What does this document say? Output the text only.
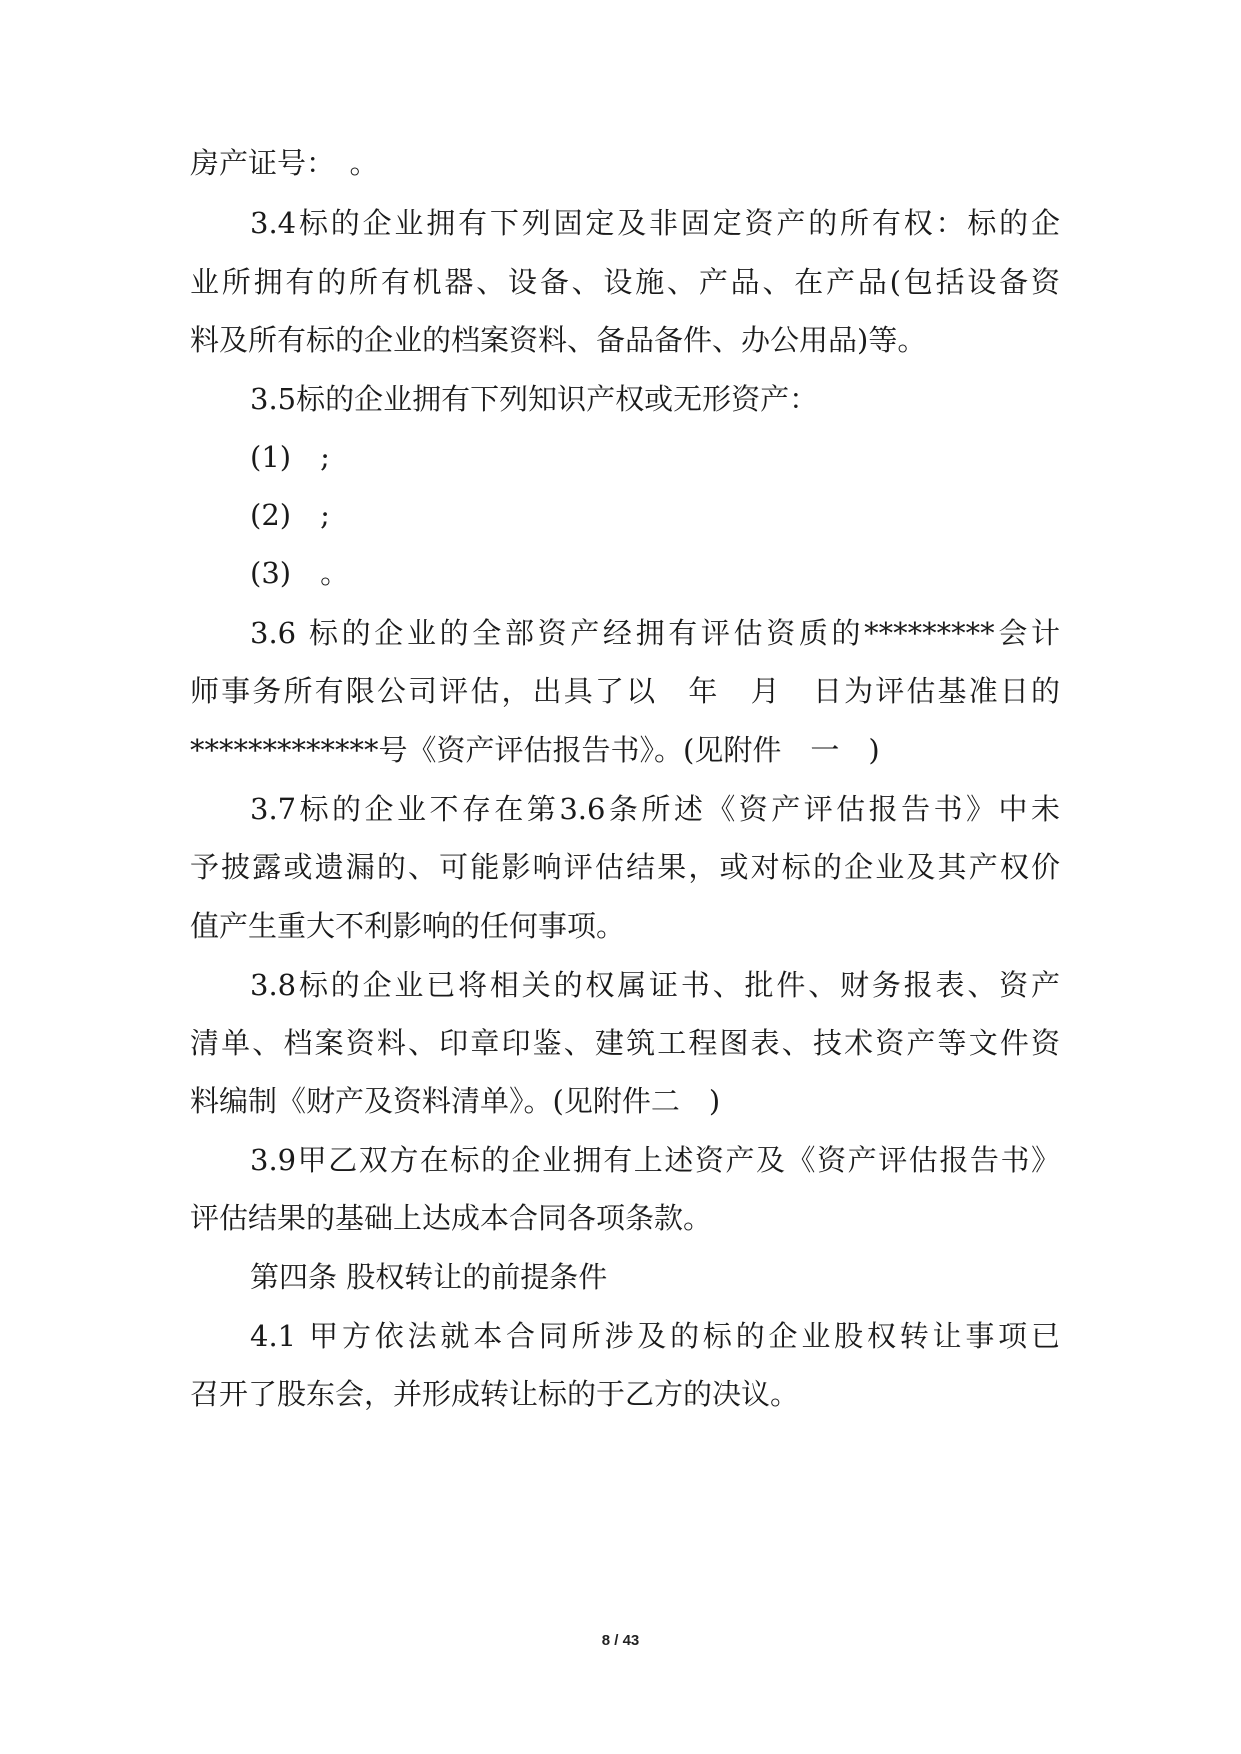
房产证号：　。
3.4标的企业拥有下列固定及非固定资产的所有权：标的企
业所拥有的所有机器、设备、设施、产品、在产品(包括设备资
料及所有标的企业的档案资料、备品备件、办公用品)等。
3.5标的企业拥有下列知识产权或无形资产：
(1)　;
(2)　;
(3)　。
3.6 标的企业的全部资产经拥有评估资质的*********会计
师事务所有限公司评估，出具了以　年　月　日为评估基准日的
*************号《资产评估报告书》。(见附件　一　)
3.7标的企业不存在第3.6条所述《资产评估报告书》中未
予披露或遗漏的、可能影响评估结果，或对标的企业及其产权价
值产生重大不利影响的任何事项。
3.8标的企业已将相关的权属证书、批件、财务报表、资产
清单、档案资料、印章印鉴、建筑工程图表、技术资产等文件资
料编制《财产及资料清单》。(见附件二　)
3.9甲乙双方在标的企业拥有上述资产及《资产评估报告书》
评估结果的基础上达成本合同各项条款。
第四条 股权转让的前提条件
4.1 甲方依法就本合同所涉及的标的企业股权转让事项已
召开了股东会，并形成转让标的于乙方的决议。
8 / 43
